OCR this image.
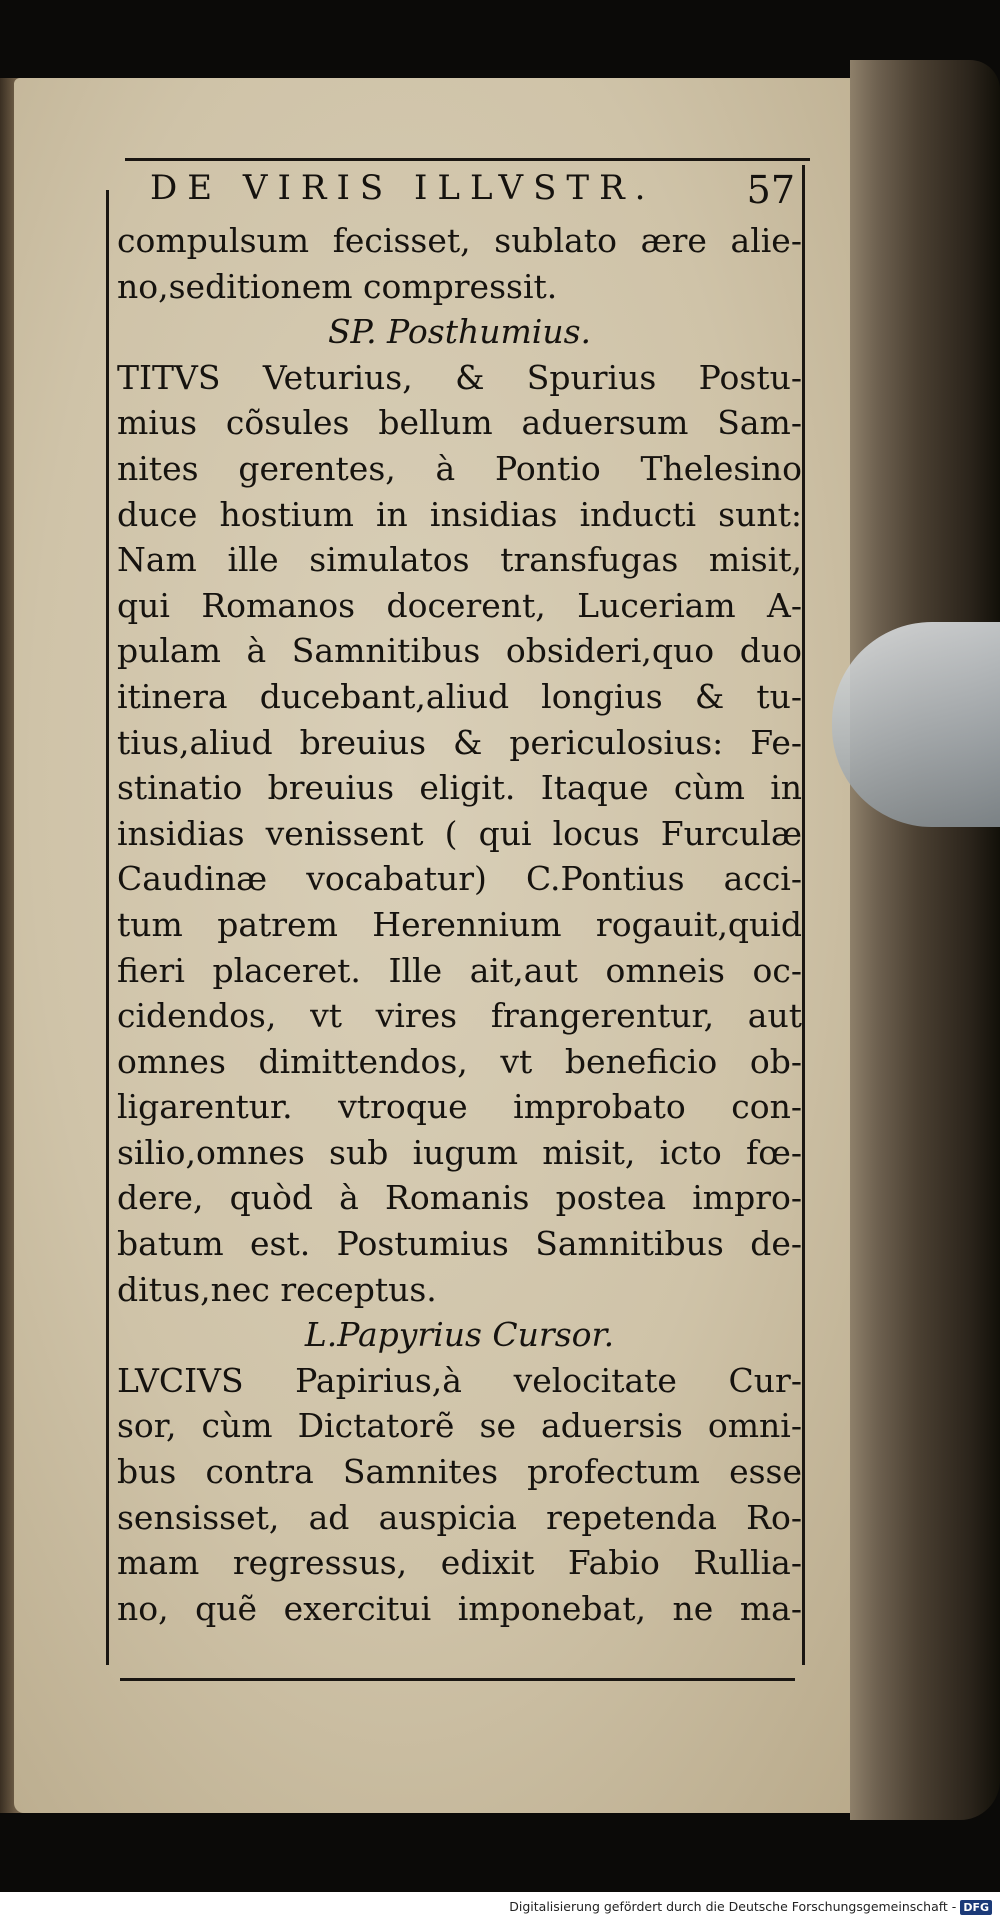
DE VIRIS ILLVSTR. 57
compulsum fecisset, sublato ære alie-
no,seditionem compressit.
SP. Posthumius.
TITVS Veturius, & Spurius Postu-
mius cõsules bellum aduersum Sam-
nites gerentes, à Pontio Thelesino
duce hostium in insidias inducti sunt:
Nam ille simulatos transfugas misit,
qui Romanos docerent, Luceriam A-
pulam à Samnitibus obsideri,quo duo
itinera ducebant,aliud longius & tu-
tius,aliud breuius & periculosius: Fe-
stinatio breuius eligit. Itaque cùm in
insidias venissent ( qui locus Furculæ
Caudinæ vocabatur) C.Pontius acci-
tum patrem Herennium rogauit,quid
fieri placeret. Ille ait,aut omneis oc-
cidendos, vt vires frangerentur, aut
omnes dimittendos, vt beneficio ob-
ligarentur. vtroque improbato con-
silio,omnes sub iugum misit, icto fœ-
dere, quòd à Romanis postea impro-
batum est. Postumius Samnitibus de-
ditus,nec receptus.
L.Papyrius Cursor.
LVCIVS Papirius,à velocitate Cur-
sor, cùm Dictatorẽ se aduersis omni-
bus contra Samnites profectum esse
sensisset, ad auspicia repetenda Ro-
mam regressus, edixit Fabio Rullia-
no, quẽ exercitui imponebat, ne ma-
Digitalisierung gefördert durch die Deutsche Forschungsgemeinschaft - DFG
